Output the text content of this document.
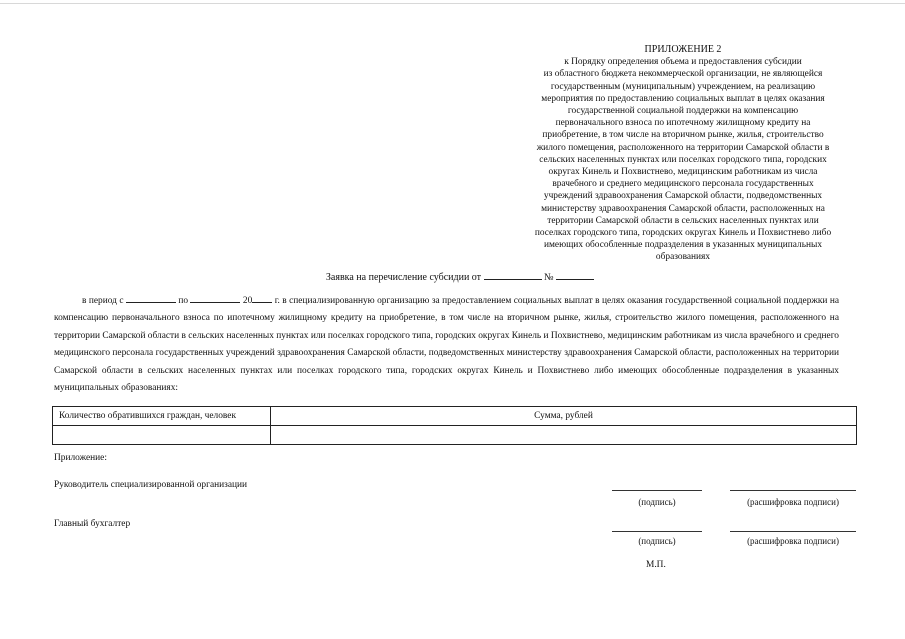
ПРИЛОЖЕНИЕ 2
к Порядку определения объема и предоставления субсидии
из областного бюджета некоммерческой организации, не являющейся
государственным (муниципальным) учреждением, на реализацию
мероприятия по предоставлению социальных выплат в целях оказания
государственной социальной поддержки на компенсацию
первоначального взноса по ипотечному жилищному кредиту на
приобретение, в том числе на вторичном рынке, жилья, строительство
жилого помещения, расположенного на территории Самарской области в
сельских населенных пунктах или поселках городского типа, городских
округах Кинель и Похвистнево, медицинским работникам из числа
врачебного и среднего медицинского персонала государственных
учреждений здравоохранения Самарской области, подведомственных
министерству здравоохранения Самарской области, расположенных на
территории Самарской области в сельских населенных пунктах или
поселках городского типа, городских округах Кинель и Похвистнево либо
имеющих обособленные подразделения в указанных муниципальных
образованиях
Заявка на перечисление субсидии от	№
в период с	по	20 г. в специализированную организацию за предоставлением социальных выплат в целях оказания государственной социальной поддержки на компенсацию первоначального взноса по ипотечному жилищному кредиту на приобретение, в том числе на вторичном рынке, жилья, строительство жилого помещения, расположенного на территории Самарской области в сельских населенных пунктах или поселках городского типа, городских округах Кинель и Похвистнево, медицинским работникам из числа врачебного и среднего медицинского персонала государственных учреждений здравоохранения Самарской области, подведомственных министерству здравоохранения Самарской области, расположенных на территории Самарской области в сельских населенных пунктах или поселках городского типа, городских округах Кинель и Похвистнево либо имеющих обособленные подразделения в указанных муниципальных образованиях:
Количество обратившихся граждан, человек	Сумма, рублей

Приложение:
Руководитель специализированной организации
(подпись)	(расшифровка подписи)
Главный бухгалтер
(подпись)	(расшифровка подписи)
М.П.
